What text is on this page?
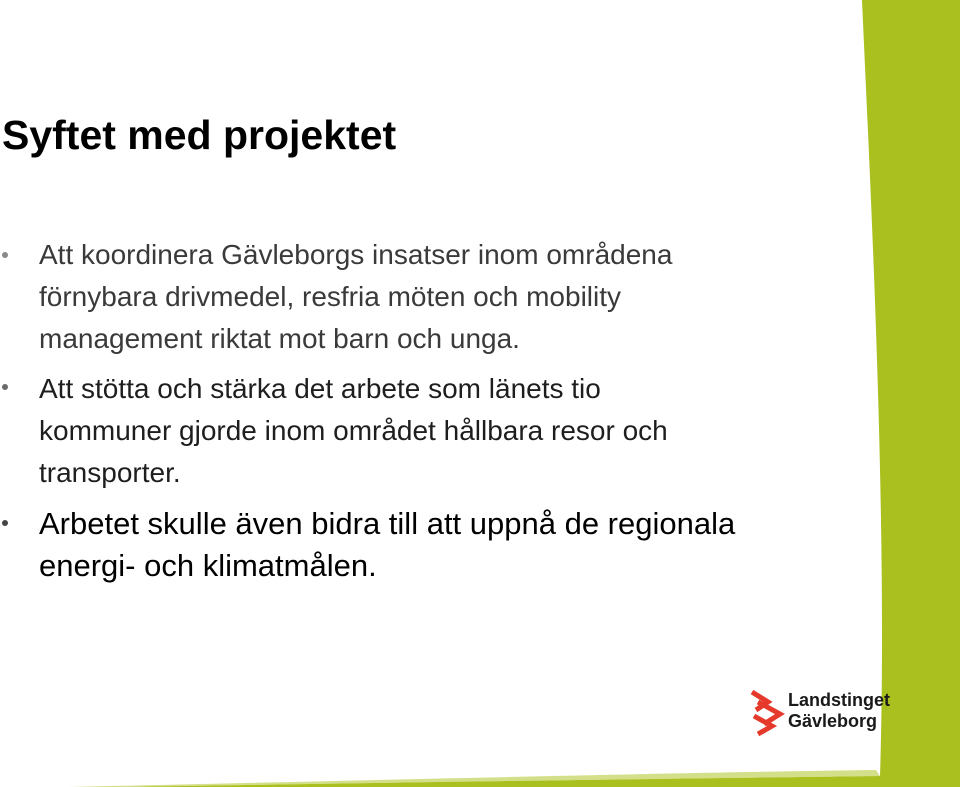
Syftet med projektet
Att koordinera Gävleborgs insatser inom områdena
förnybara drivmedel, resfria möten och mobility
management riktat mot barn och unga.
Att stötta och stärka det arbete som länets tio
kommuner gjorde inom området hållbara resor och
transporter.
Arbetet skulle även bidra till att uppnå de regionala
energi- och klimatmålen.
Landstinget
Gävleborg
